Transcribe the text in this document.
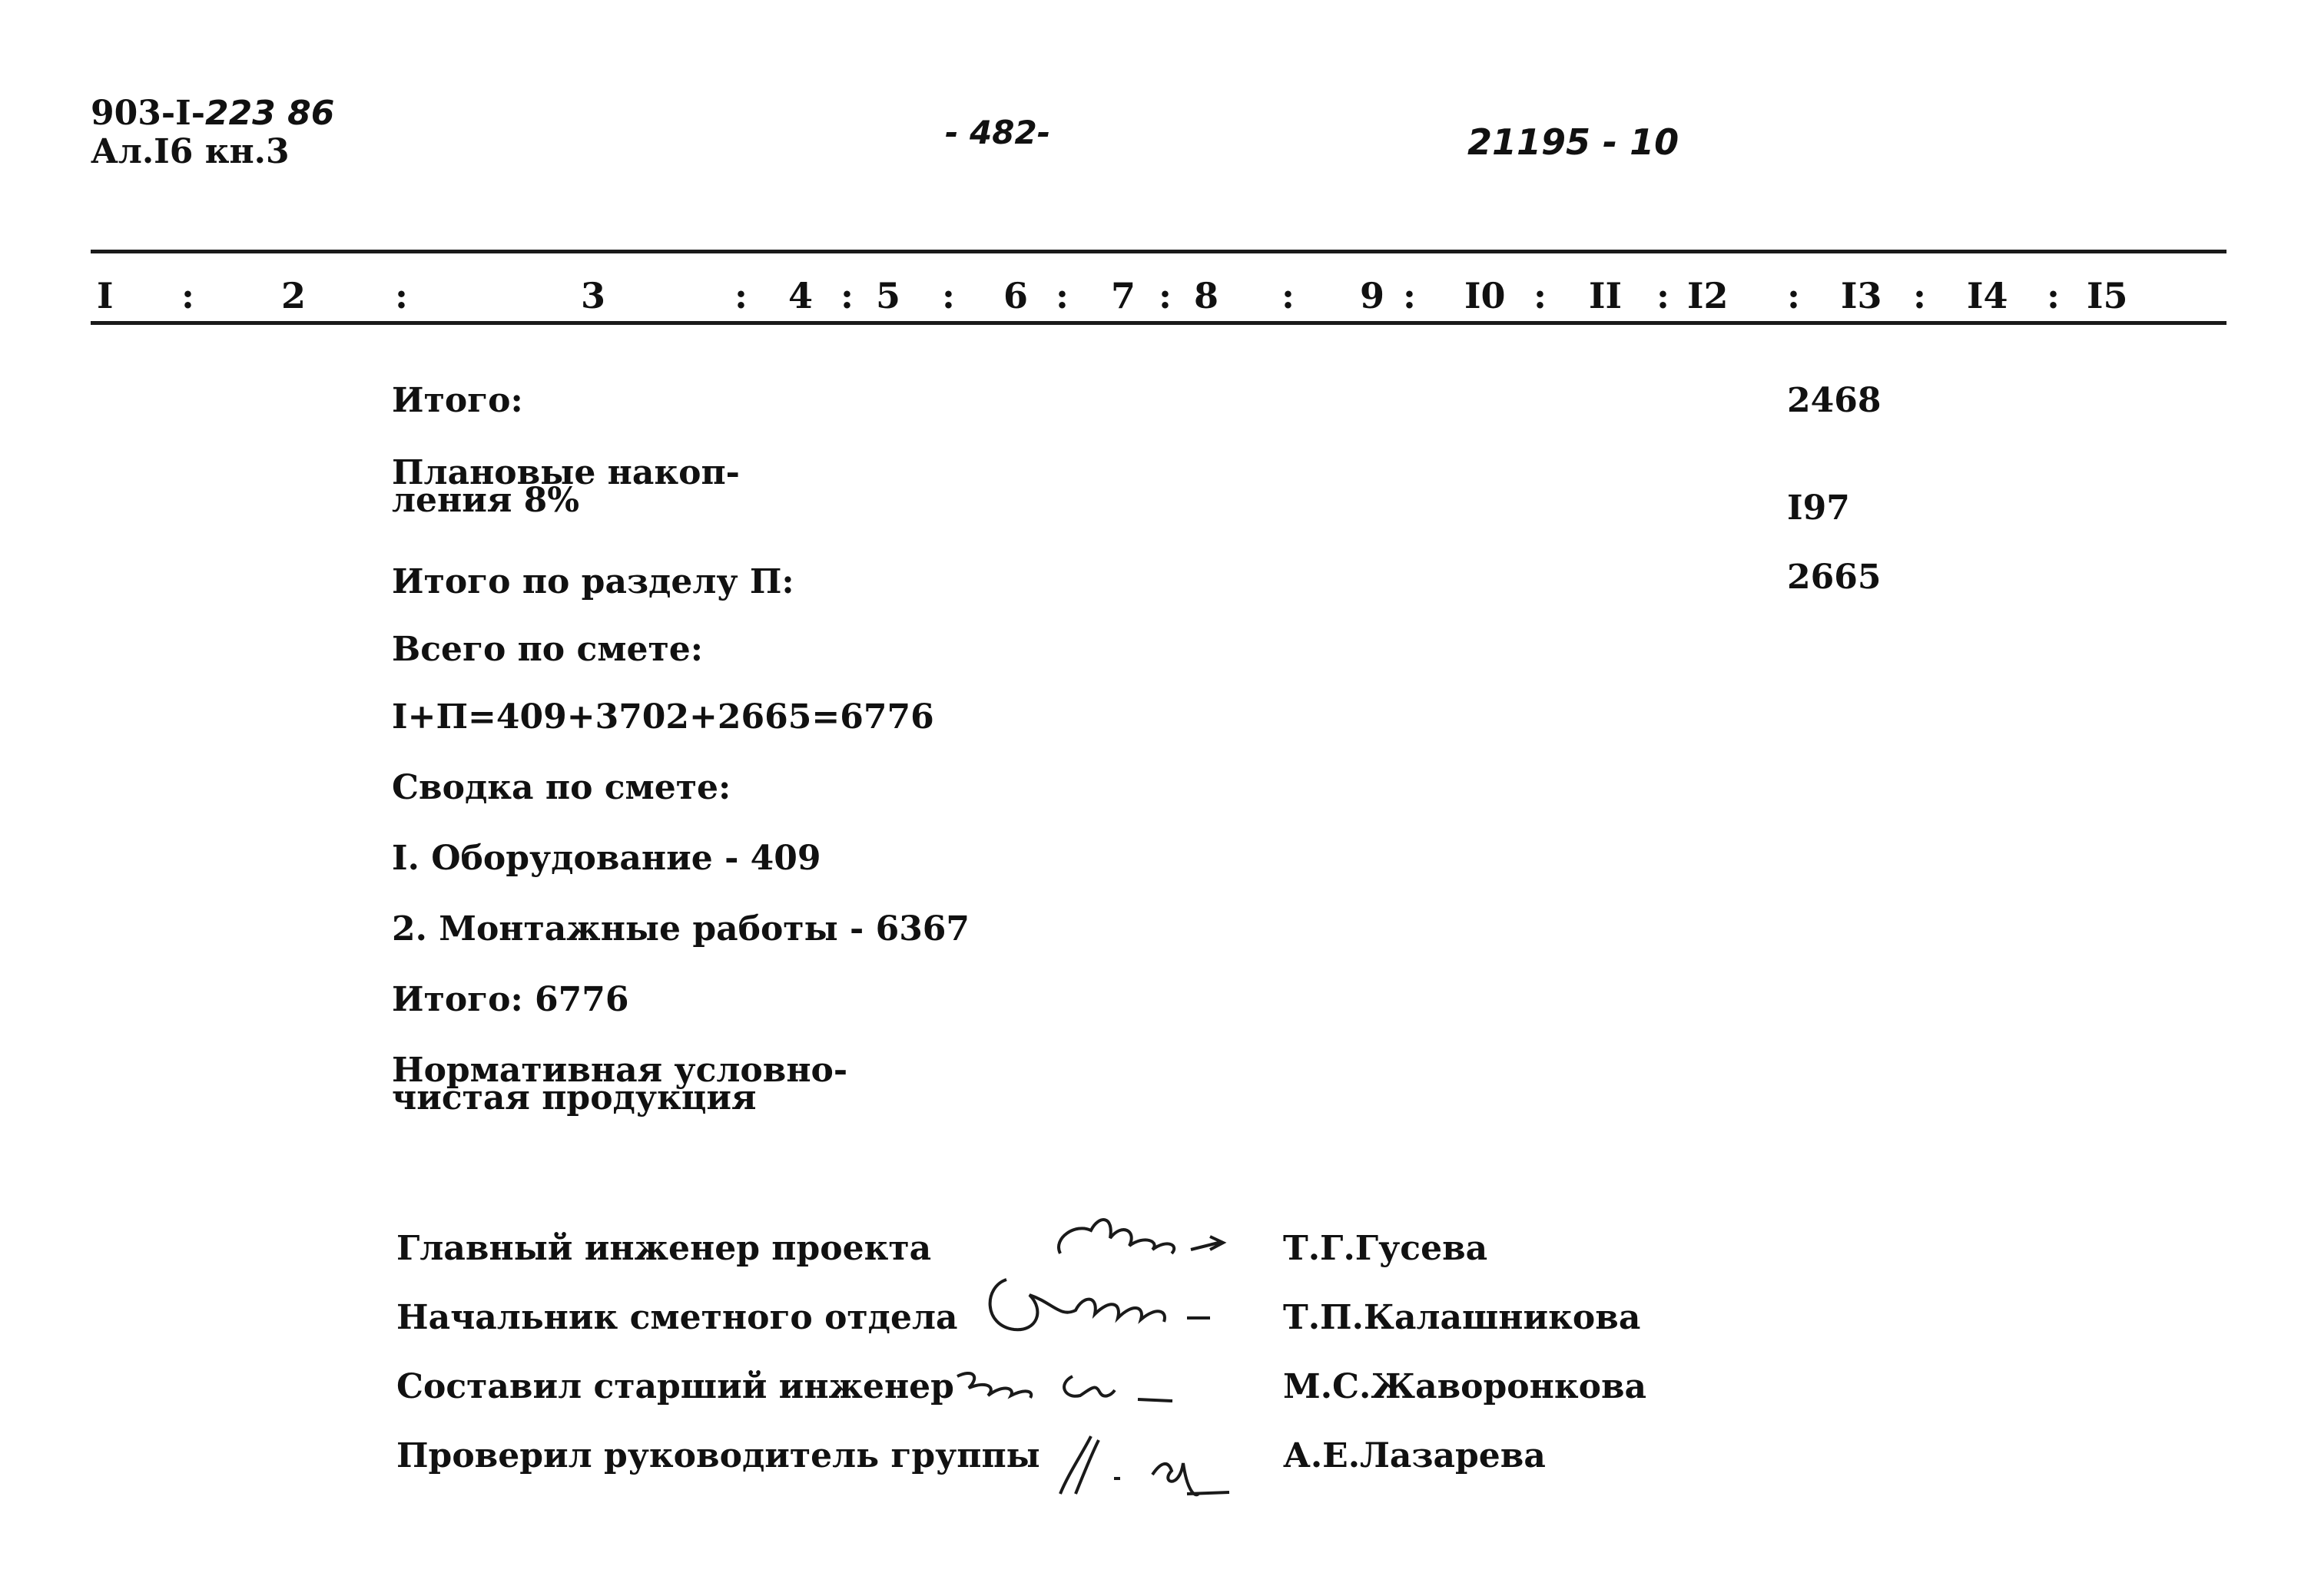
903-I-223 86
Ал.I6 кн.3	- 482-	21195 - 10
I : 2	:	3	: 4 : 5 : 6 : 7 : 8 : 9 : I0 : II : I2 : I3 : I4 : I5
Итого:	2468
Плановые накоп-
ления 8%	I97
Итого по разделу П:	2665
Всего по смете:
I+П=409+3702+2665=6776
Сводка по смете:
I. Оборудование - 409
2. Монтажные работы - 6367
Итого: 6776
Нормативная условно-
чистая продукция
Главный инженер проекта	Т.Г.Гусева
Начальник сметного отдела	Т.П.Калашникова
Составил старший инженер	М.С.Жаворонкова
Проверил руководитель группы	А.Е.Лазарева
